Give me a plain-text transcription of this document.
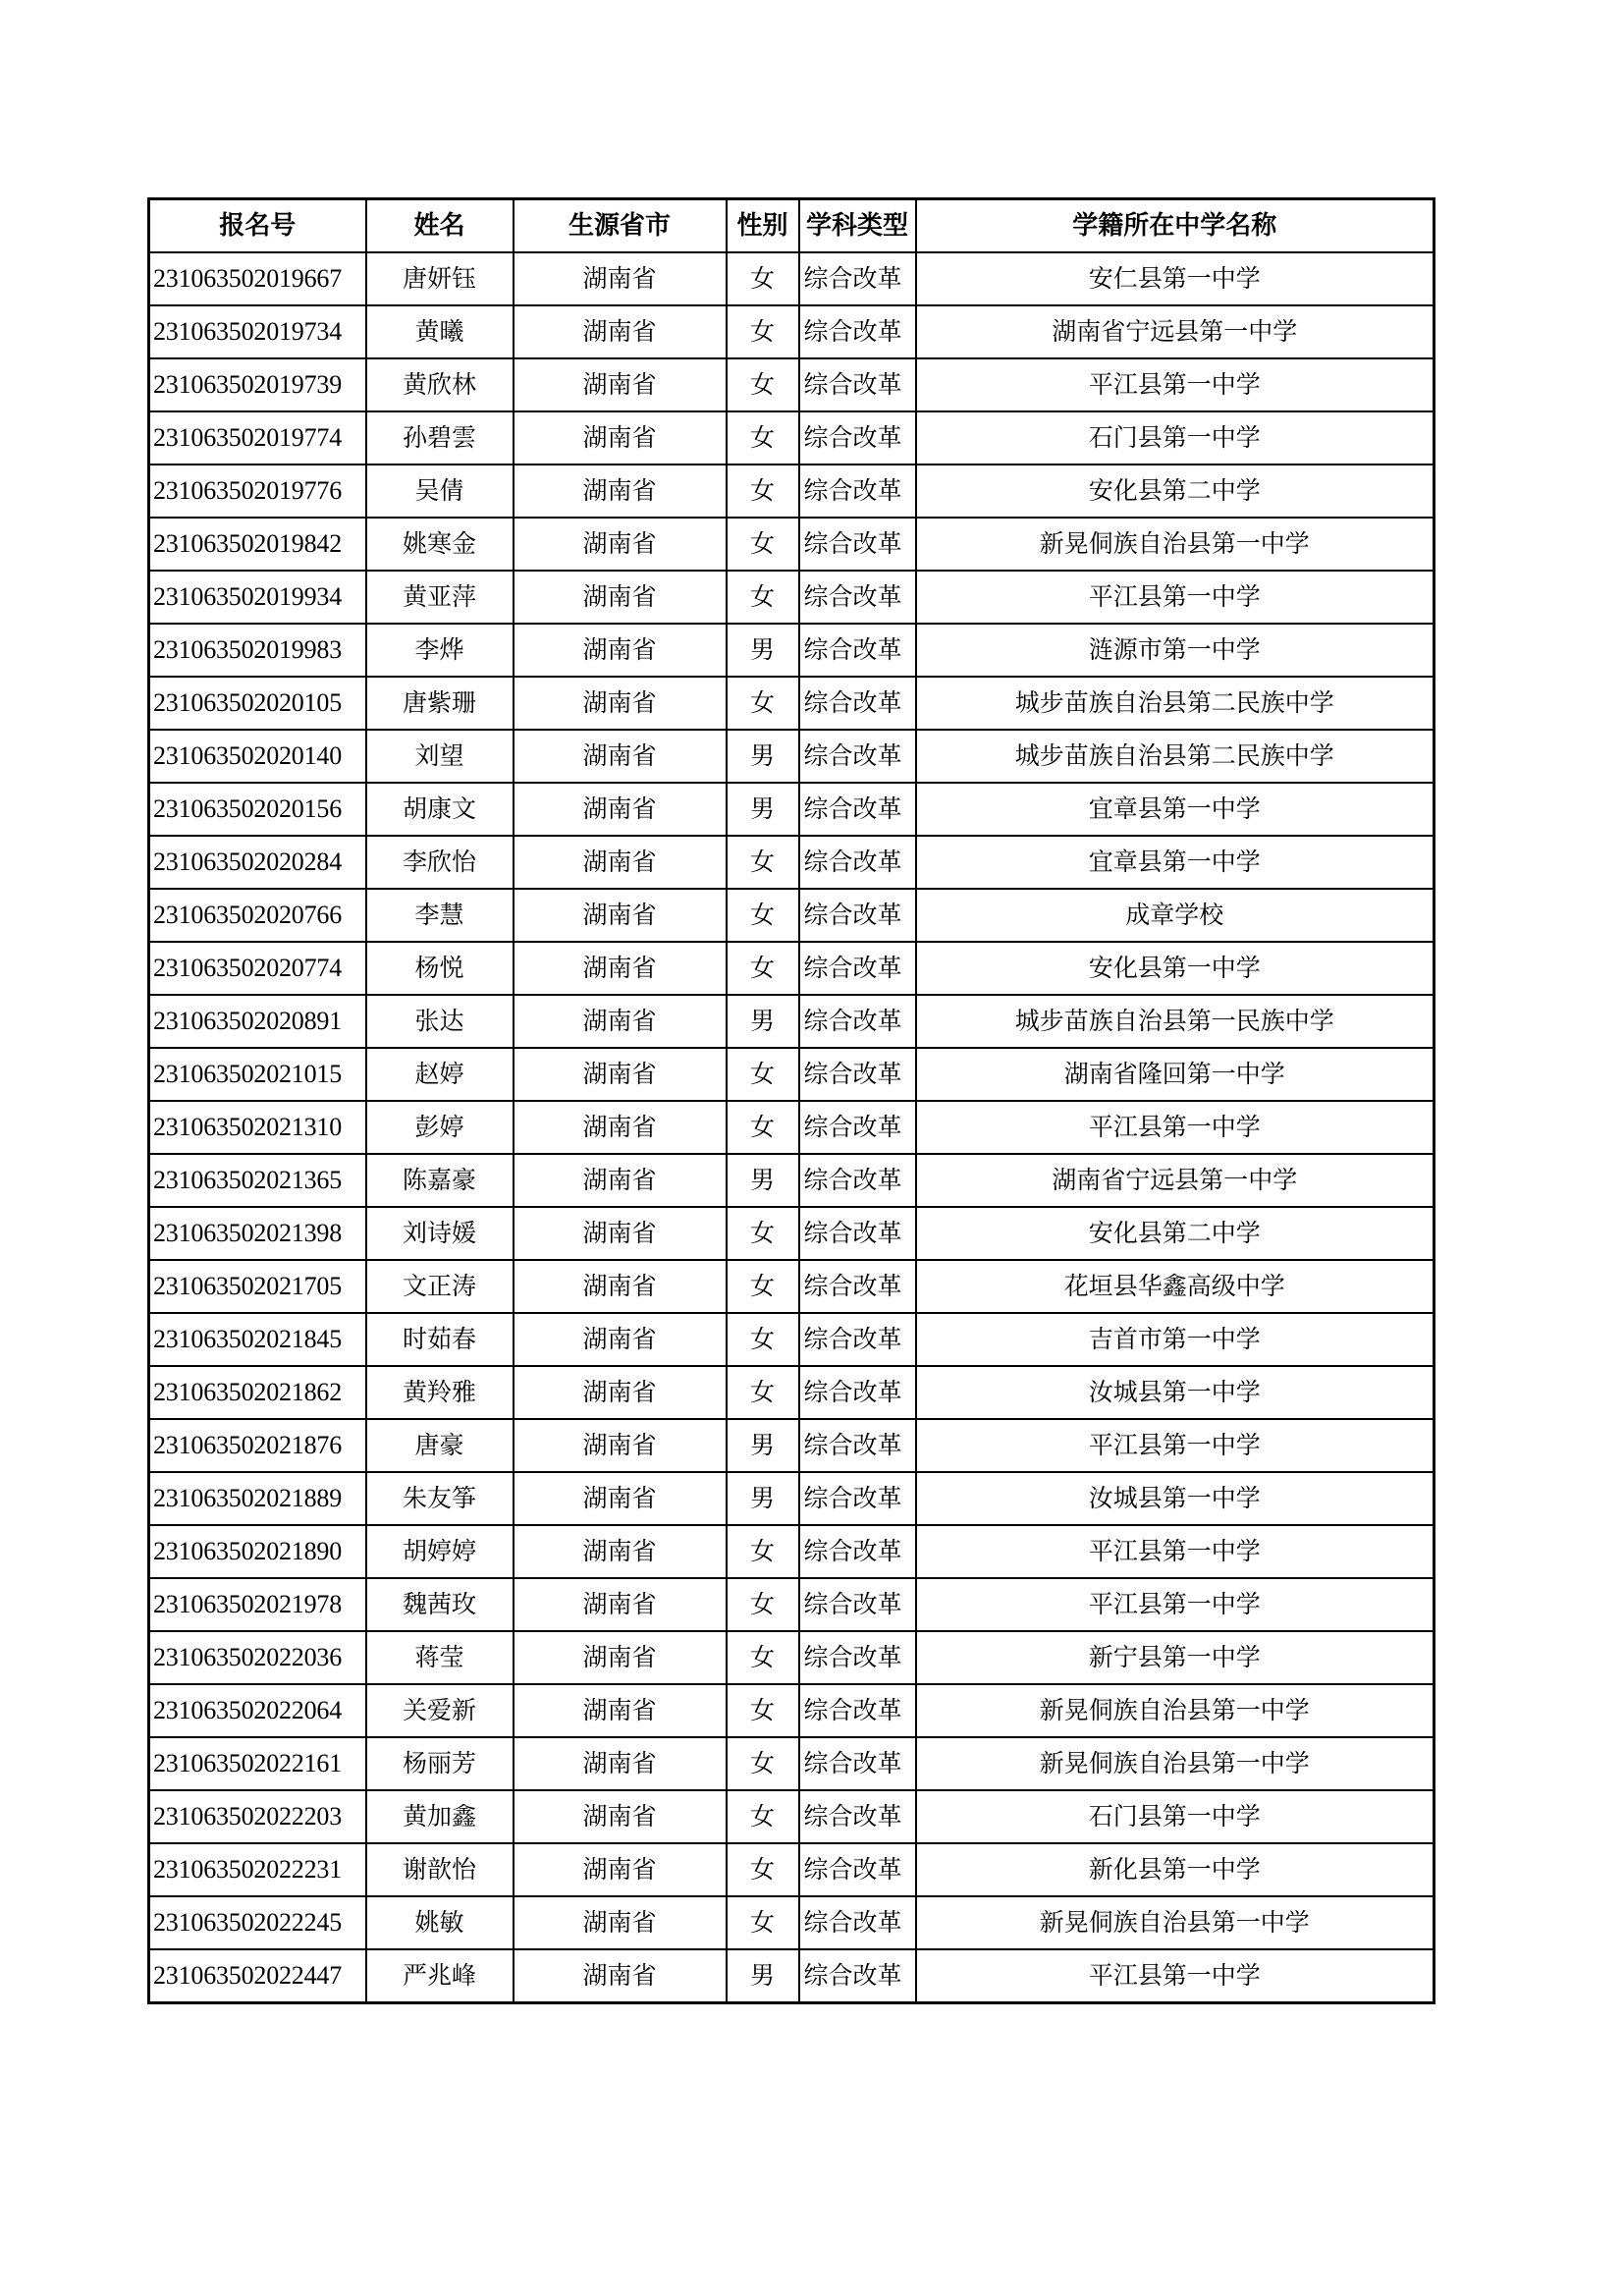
报名号	姓名	生源省市	性别	学科类型	学籍所在中学名称
231063502019667	唐妍钰	湖南省	女	综合改革	安仁县第一中学
231063502019734	黄曦	湖南省	女	综合改革	湖南省宁远县第一中学
231063502019739	黄欣林	湖南省	女	综合改革	平江县第一中学
231063502019774	孙碧雲	湖南省	女	综合改革	石门县第一中学
231063502019776	吴倩	湖南省	女	综合改革	安化县第二中学
231063502019842	姚寒金	湖南省	女	综合改革	新晃侗族自治县第一中学
231063502019934	黄亚萍	湖南省	女	综合改革	平江县第一中学
231063502019983	李烨	湖南省	男	综合改革	涟源市第一中学
231063502020105	唐紫珊	湖南省	女	综合改革	城步苗族自治县第二民族中学
231063502020140	刘望	湖南省	男	综合改革	城步苗族自治县第二民族中学
231063502020156	胡康文	湖南省	男	综合改革	宜章县第一中学
231063502020284	李欣怡	湖南省	女	综合改革	宜章县第一中学
231063502020766	李慧	湖南省	女	综合改革	成章学校
231063502020774	杨悦	湖南省	女	综合改革	安化县第一中学
231063502020891	张达	湖南省	男	综合改革	城步苗族自治县第一民族中学
231063502021015	赵婷	湖南省	女	综合改革	湖南省隆回第一中学
231063502021310	彭婷	湖南省	女	综合改革	平江县第一中学
231063502021365	陈嘉豪	湖南省	男	综合改革	湖南省宁远县第一中学
231063502021398	刘诗媛	湖南省	女	综合改革	安化县第二中学
231063502021705	文正涛	湖南省	女	综合改革	花垣县华鑫高级中学
231063502021845	时茹春	湖南省	女	综合改革	吉首市第一中学
231063502021862	黄羚雅	湖南省	女	综合改革	汝城县第一中学
231063502021876	唐豪	湖南省	男	综合改革	平江县第一中学
231063502021889	朱友筝	湖南省	男	综合改革	汝城县第一中学
231063502021890	胡婷婷	湖南省	女	综合改革	平江县第一中学
231063502021978	魏茜玫	湖南省	女	综合改革	平江县第一中学
231063502022036	蒋莹	湖南省	女	综合改革	新宁县第一中学
231063502022064	关爱新	湖南省	女	综合改革	新晃侗族自治县第一中学
231063502022161	杨丽芳	湖南省	女	综合改革	新晃侗族自治县第一中学
231063502022203	黄加鑫	湖南省	女	综合改革	石门县第一中学
231063502022231	谢歆怡	湖南省	女	综合改革	新化县第一中学
231063502022245	姚敏	湖南省	女	综合改革	新晃侗族自治县第一中学
231063502022447	严兆峰	湖南省	男	综合改革	平江县第一中学
